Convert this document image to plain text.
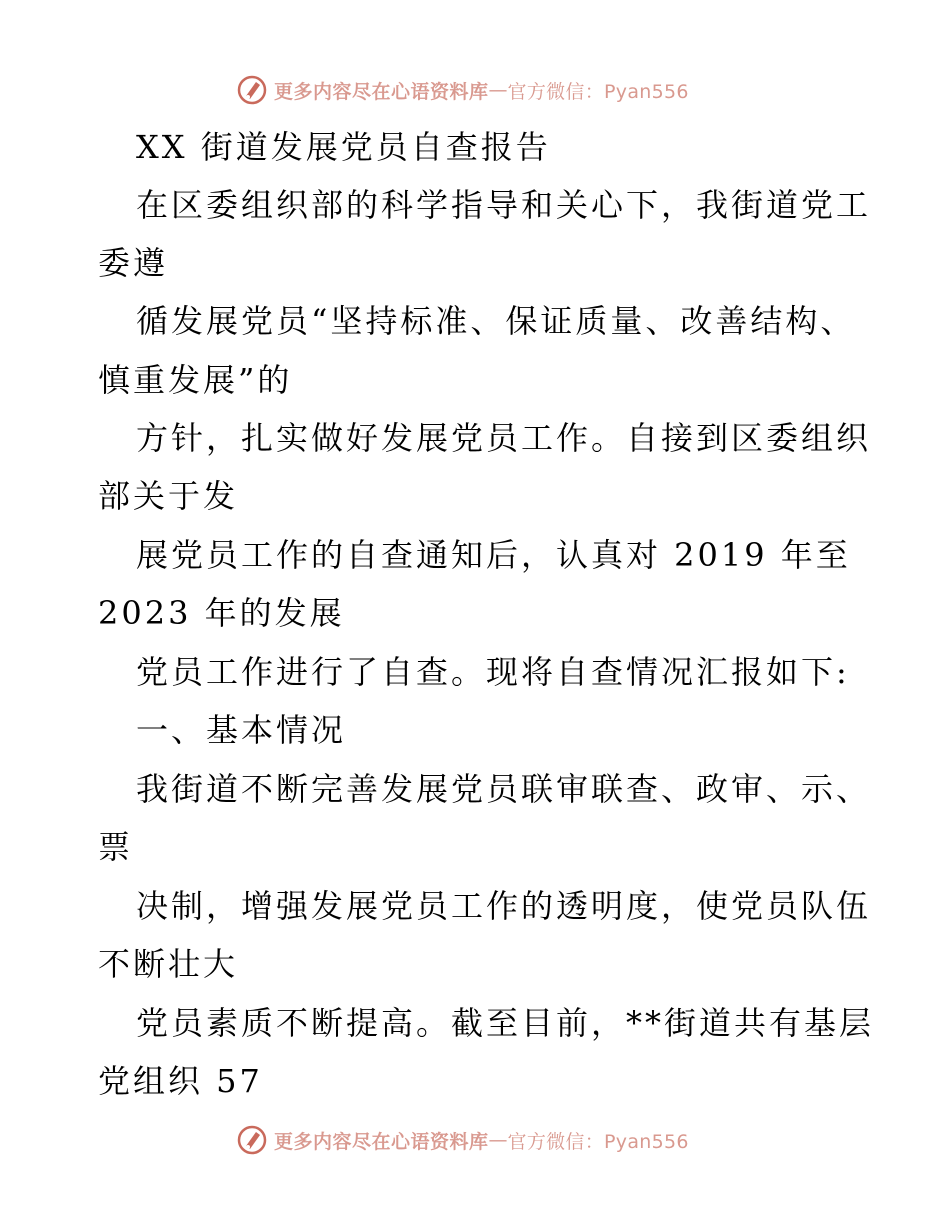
更多内容尽在心语资料库 — 官方微信：Pyan556
XX 街道发展党员自查报告
在区委组织部的科学指导和关心下，我街道党工
委遵
循发展党员“坚持标准、保证质量、改善结构、
慎重发展”的
方针，扎实做好发展党员工作。自接到区委组织
部关于发
展党员工作的自查通知后，认真对 2019 年至
2023 年的发展
党员工作进行了自查。现将自查情况汇报如下:
一、基本情况
我街道不断完善发展党员联审联查、政审、示、
票
决制，增强发展党员工作的透明度，使党员队伍
不断壮大
党员素质不断提高。截至目前，**街道共有基层
党组织 57
更多内容尽在心语资料库 — 官方微信：Pyan556
